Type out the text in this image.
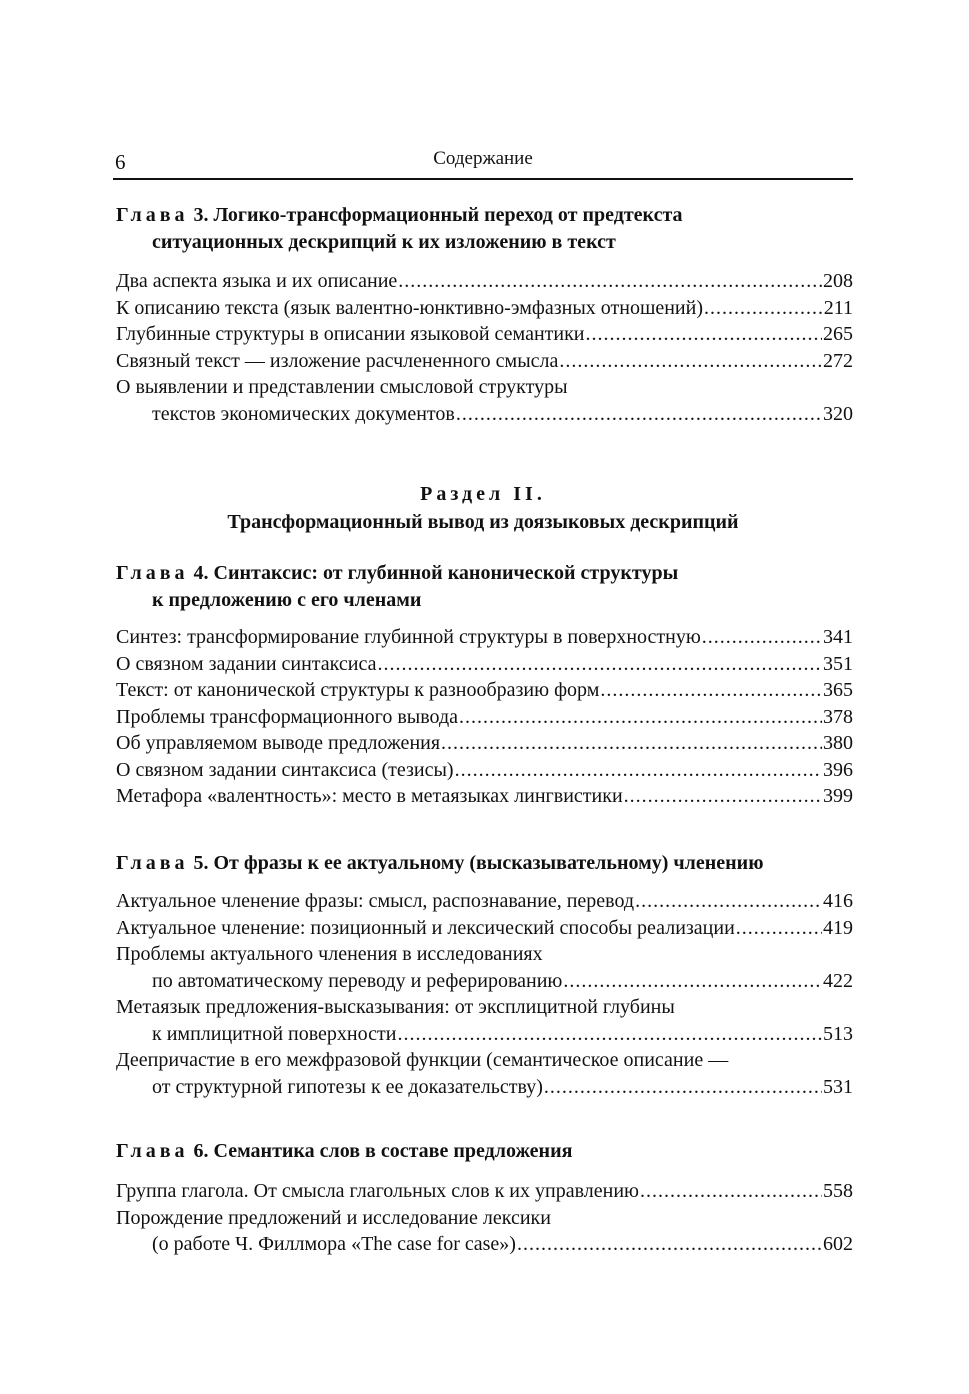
6	Содержание
Глава 3. Логико-трансформационный переход от предтекста
ситуационных дескрипций к их изложению в текст
Два аспекта языка и их описание .....	208
К описанию текста (язык валентно-юнктивно-эмфазных отношений) .....	211
Глубинные структуры в описании языковой семантики .....	265
Связный текст — изложение расчлененного смысла .....	272
О выявлении и представлении смысловой структуры
текстов экономических документов .....	320
Раздел II.
Трансформационный вывод из доязыковых дескрипций
Глава 4. Синтаксис: от глубинной канонической структуры
к предложению с его членами
Синтез: трансформирование глубинной структуры в поверхностную .....	341
О связном задании синтаксиса .....	351
Текст: от канонической структуры к разнообразию форм .....	365
Проблемы трансформационного вывода .....	378
Об управляемом выводе предложения .....	380
О связном задании синтаксиса (тезисы) .....	396
Метафора «валентность»: место в метаязыках лингвистики .....	399
Глава 5. От фразы к ее актуальному (высказывательному) членению
Актуальное членение фразы: смысл, распознавание, перевод .....	416
Актуальное членение: позиционный и лексический способы реализации .....	419
Проблемы актуального членения в исследованиях
по автоматическому переводу и реферированию .....	422
Метаязык предложения-высказывания: от эксплицитной глубины
к имплицитной поверхности .....	513
Деепричастие в его межфразовой функции (семантическое описание —
от структурной гипотезы к ее доказательству) .....	531
Глава 6. Семантика слов в составе предложения
Группа глагола. От смысла глагольных слов к их управлению .....	558
Порождение предложений и исследование лексики
(о работе Ч. Филлмора «The case for case») .....	602
